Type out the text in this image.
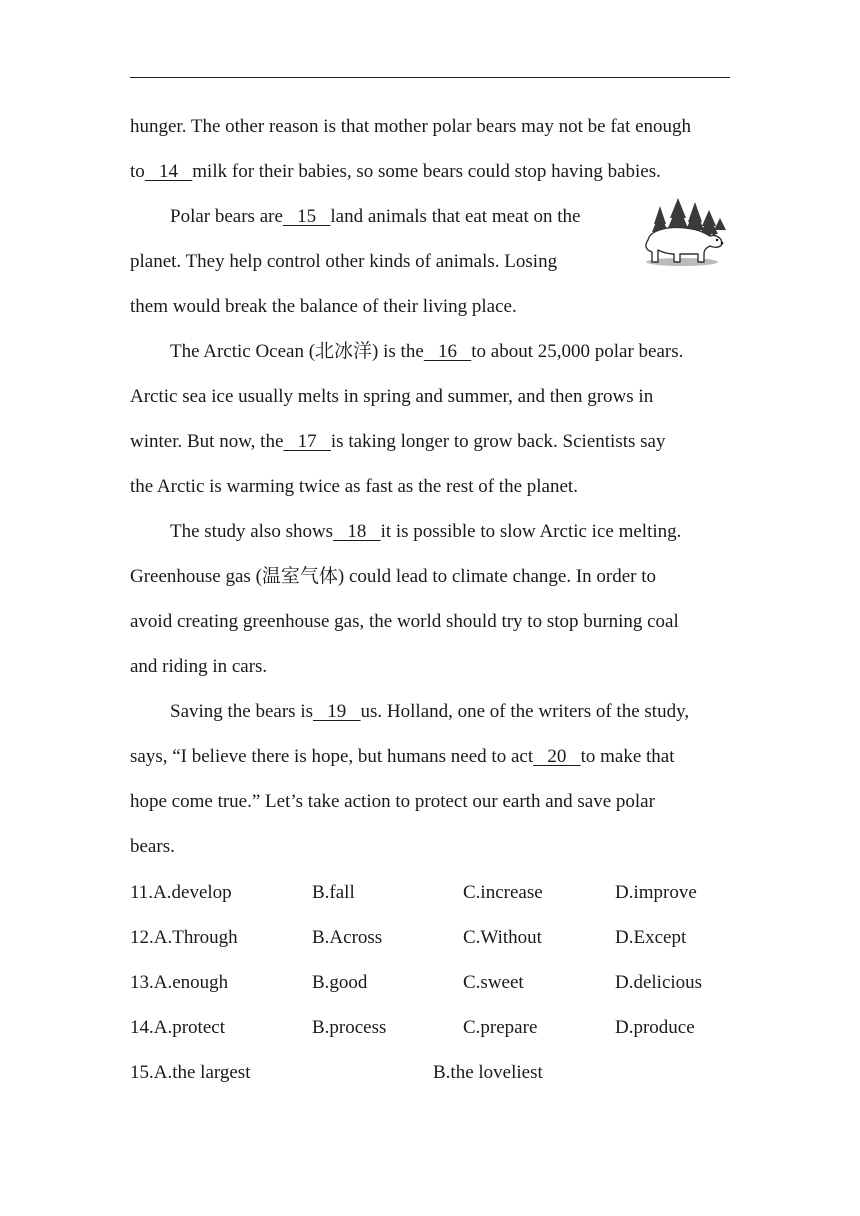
hunger. The other reason is that mother polar bears may not be fat enough
to   14   milk for their babies, so some bears could stop having babies.
Polar bears are   15   land animals that eat meat on the
planet. They help control other kinds of animals. Losing
them would break the balance of their living place.
The Arctic Ocean (北冰洋) is the   16   to about 25,000 polar bears.
Arctic sea ice usually melts in spring and summer, and then grows in
winter. But now, the   17   is taking longer to grow back. Scientists say
the Arctic is warming twice as fast as the rest of the planet.
The study also shows   18   it is possible to slow Arctic ice melting.
Greenhouse gas (温室气体) could lead to climate change. In order to
avoid creating greenhouse gas, the world should try to stop burning coal
and riding in cars.
Saving the bears is   19   us. Holland, one of the writers of the study,
says, “I believe there is hope, but humans need to act   20   to make that
hope come true.” Let’s take action to protect our earth and save polar
bears.
11.A.develop	B.fall	C.increase	D.improve
12.A.Through	B.Across	C.Without	D.Except
13.A.enough	B.good	C.sweet	D.delicious
14.A.protect	B.process	C.prepare	D.produce
15.A.the largest	B.the loveliest
